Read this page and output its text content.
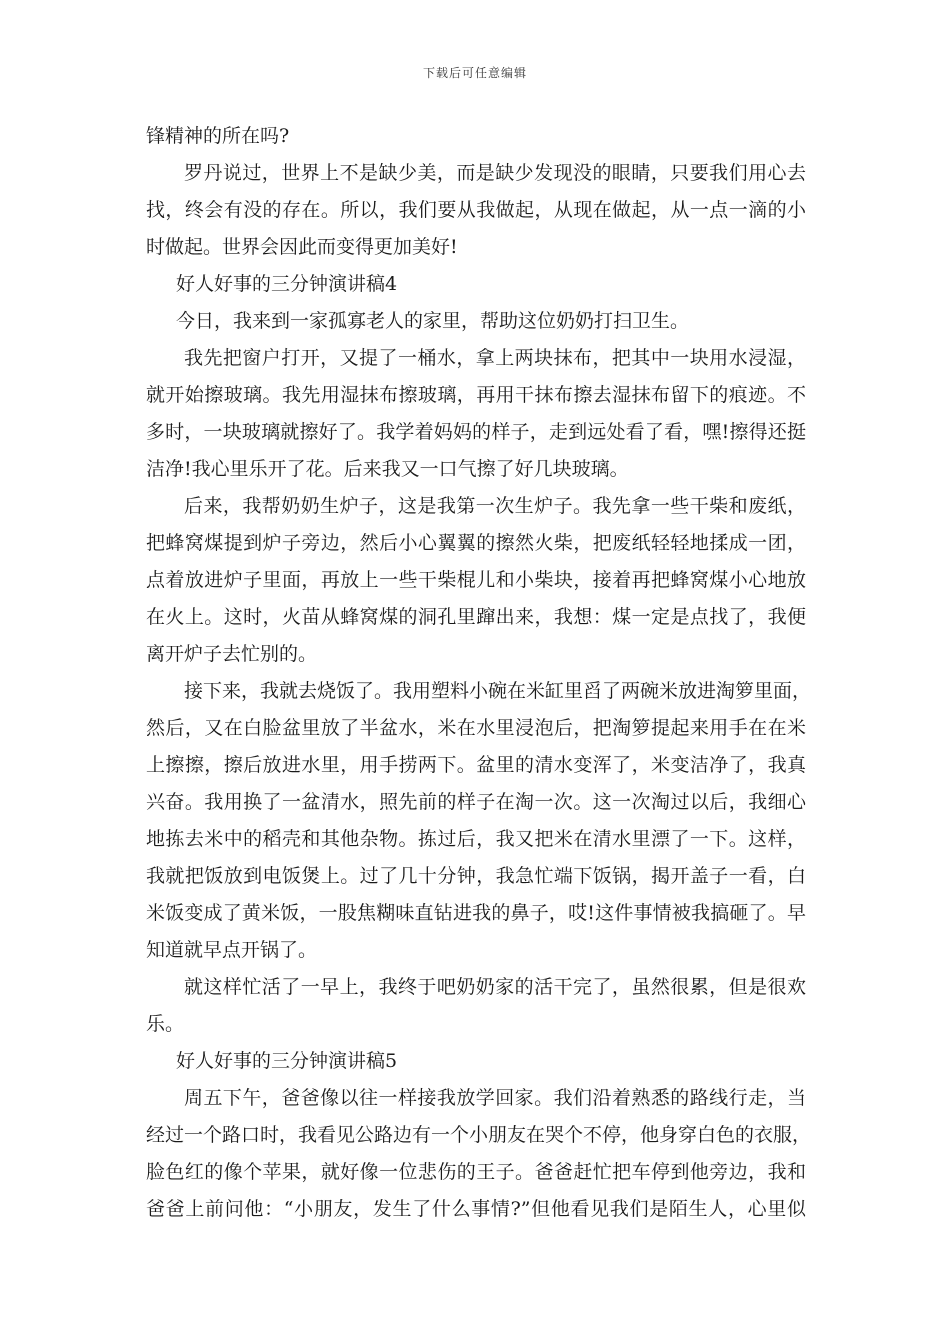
下载后可任意编辑
锋精神的所在吗?
罗丹说过，世界上不是缺少美，而是缺少发现没的眼睛，只要我们用心去
找，终会有没的存在。所以，我们要从我做起，从现在做起，从一点一滴的小
时做起。世界会因此而变得更加美好!
好人好事的三分钟演讲稿4
今日，我来到一家孤寡老人的家里，帮助这位奶奶打扫卫生。
我先把窗户打开，又提了一桶水，拿上两块抹布，把其中一块用水浸湿，
就开始擦玻璃。我先用湿抹布擦玻璃，再用干抹布擦去湿抹布留下的痕迹。不
多时，一块玻璃就擦好了。我学着妈妈的样子，走到远处看了看，嘿!擦得还挺
洁净!我心里乐开了花。后来我又一口气擦了好几块玻璃。
后来，我帮奶奶生炉子，这是我第一次生炉子。我先拿一些干柴和废纸，
把蜂窝煤提到炉子旁边，然后小心翼翼的擦然火柴，把废纸轻轻地揉成一团，
点着放进炉子里面，再放上一些干柴棍儿和小柴块，接着再把蜂窝煤小心地放
在火上。这时，火苗从蜂窝煤的洞孔里蹿出来，我想：煤一定是点找了，我便
离开炉子去忙别的。
接下来，我就去烧饭了。我用塑料小碗在米缸里舀了两碗米放进淘箩里面，
然后，又在白脸盆里放了半盆水，米在水里浸泡后，把淘箩提起来用手在在米
上擦擦，擦后放进水里，用手捞两下。盆里的清水变浑了，米变洁净了，我真
兴奋。我用换了一盆清水，照先前的样子在淘一次。这一次淘过以后，我细心
地拣去米中的稻壳和其他杂物。拣过后，我又把米在清水里漂了一下。这样，
我就把饭放到电饭煲上。过了几十分钟，我急忙端下饭锅，揭开盖子一看，白
米饭变成了黄米饭，一股焦糊味直钻进我的鼻子，哎!这件事情被我搞砸了。早
知道就早点开锅了。
就这样忙活了一早上，我终于吧奶奶家的活干完了，虽然很累，但是很欢
乐。
好人好事的三分钟演讲稿5
周五下午，爸爸像以往一样接我放学回家。我们沿着熟悉的路线行走，当
经过一个路口时，我看见公路边有一个小朋友在哭个不停，他身穿白色的衣服，
脸色红的像个苹果，就好像一位悲伤的王子。爸爸赶忙把车停到他旁边，我和
爸爸上前问他：“小朋友，发生了什么事情?”但他看见我们是陌生人，心里似
